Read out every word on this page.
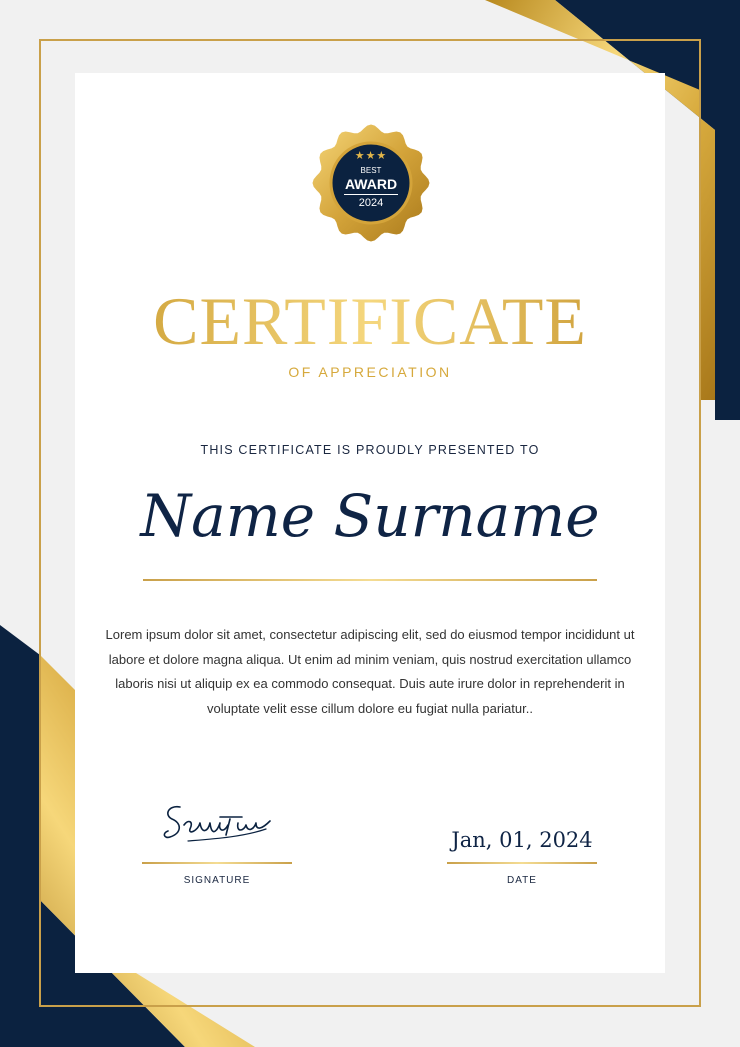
★★★
BEST
AWARD
2024
CERTIFICATE
OF APPRECIATION
THIS CERTIFICATE IS PROUDLY PRESENTED TO
Name Surname
Lorem ipsum dolor sit amet, consectetur adipiscing elit, sed do eiusmod tempor incididunt ut labore et dolore magna aliqua. Ut enim ad minim veniam, quis nostrud exercitation ullamco laboris nisi ut aliquip ex ea commodo consequat. Duis aute irure dolor in reprehenderit in voluptate velit esse cillum dolore eu fugiat nulla pariatur..
SIGNATURE
Jan, 01, 2024
DATE
